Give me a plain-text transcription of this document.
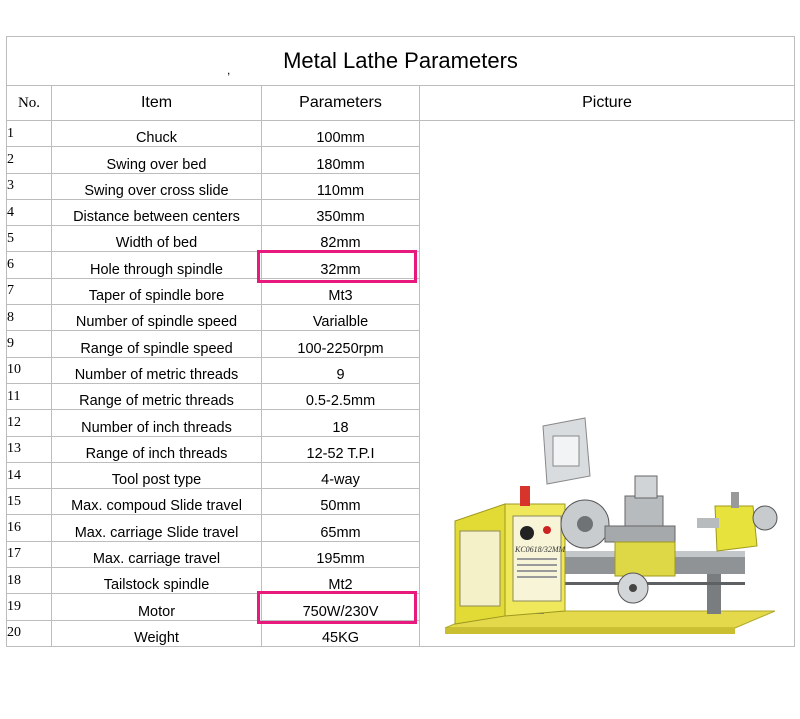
, Metal Lathe Parameters			
No.	Item	Parameters	Picture
1	Chuck	100mm	KC0618/32MM

2	Swing over bed	180mm	
3	Swing over cross slide	110mm	
4	Distance between centers	350mm	
5	Width of bed	82mm	
6	Hole through spindle	32mm	
7	Taper of spindle bore	Mt3	
8	Number of spindle speed	Varialble	
9	Range of spindle speed	100-2250rpm	
10	Number of metric threads	9	
11	Range of metric threads	0.5-2.5mm	
12	Number of inch threads	18	
13	Range of inch threads	12-52 T.P.I	
14	Tool post type	4-way	
15	Max. compoud Slide travel	50mm	
16	Max. carriage Slide travel	65mm	
17	Max. carriage travel	195mm	
18	Tailstock spindle	Mt2	
19	Motor	750W/230V	
20	Weight	45KG	
